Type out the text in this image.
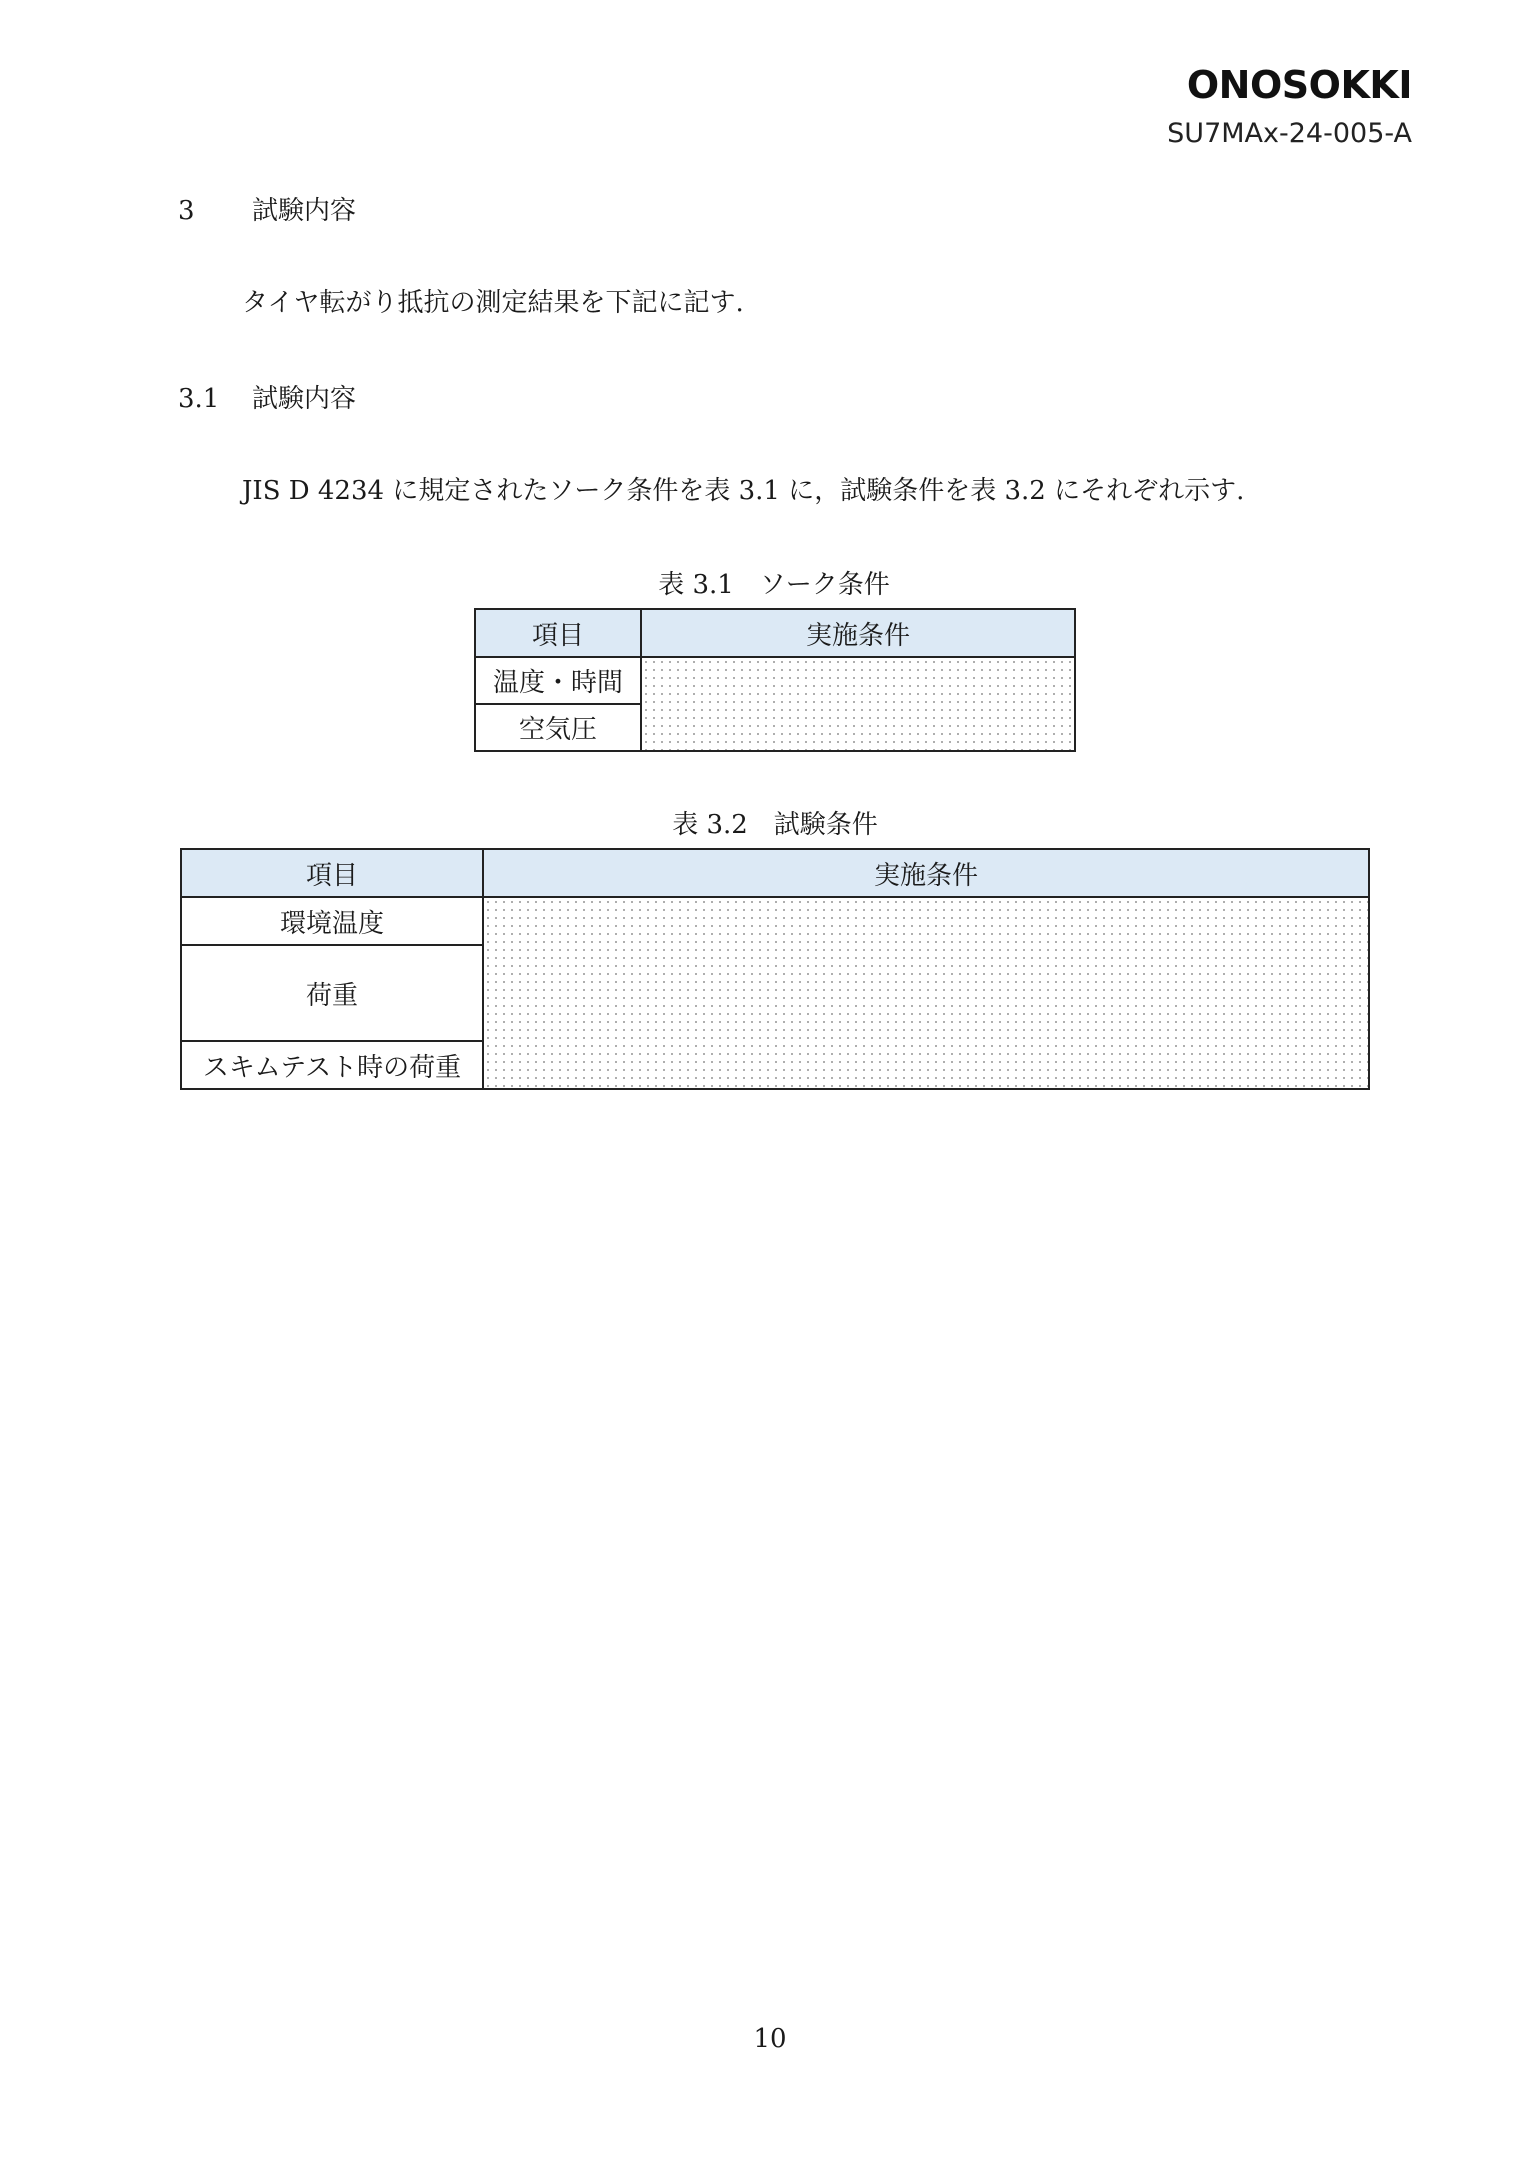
ONOSOKKI
SU7MAx-24-005-A
3 試験内容
タイヤ転がり抵抗の測定結果を下記に記す.
3.1 試験内容
JIS D 4234 に規定されたソーク条件を表 3.1 に，試験条件を表 3.2 にそれぞれ示す.
表 3.1　ソーク条件
項目	実施条件
温度・時間	
空気圧	
表 3.2　試験条件
項目	実施条件
環境温度	
荷重	
スキムテスト時の荷重	
10
